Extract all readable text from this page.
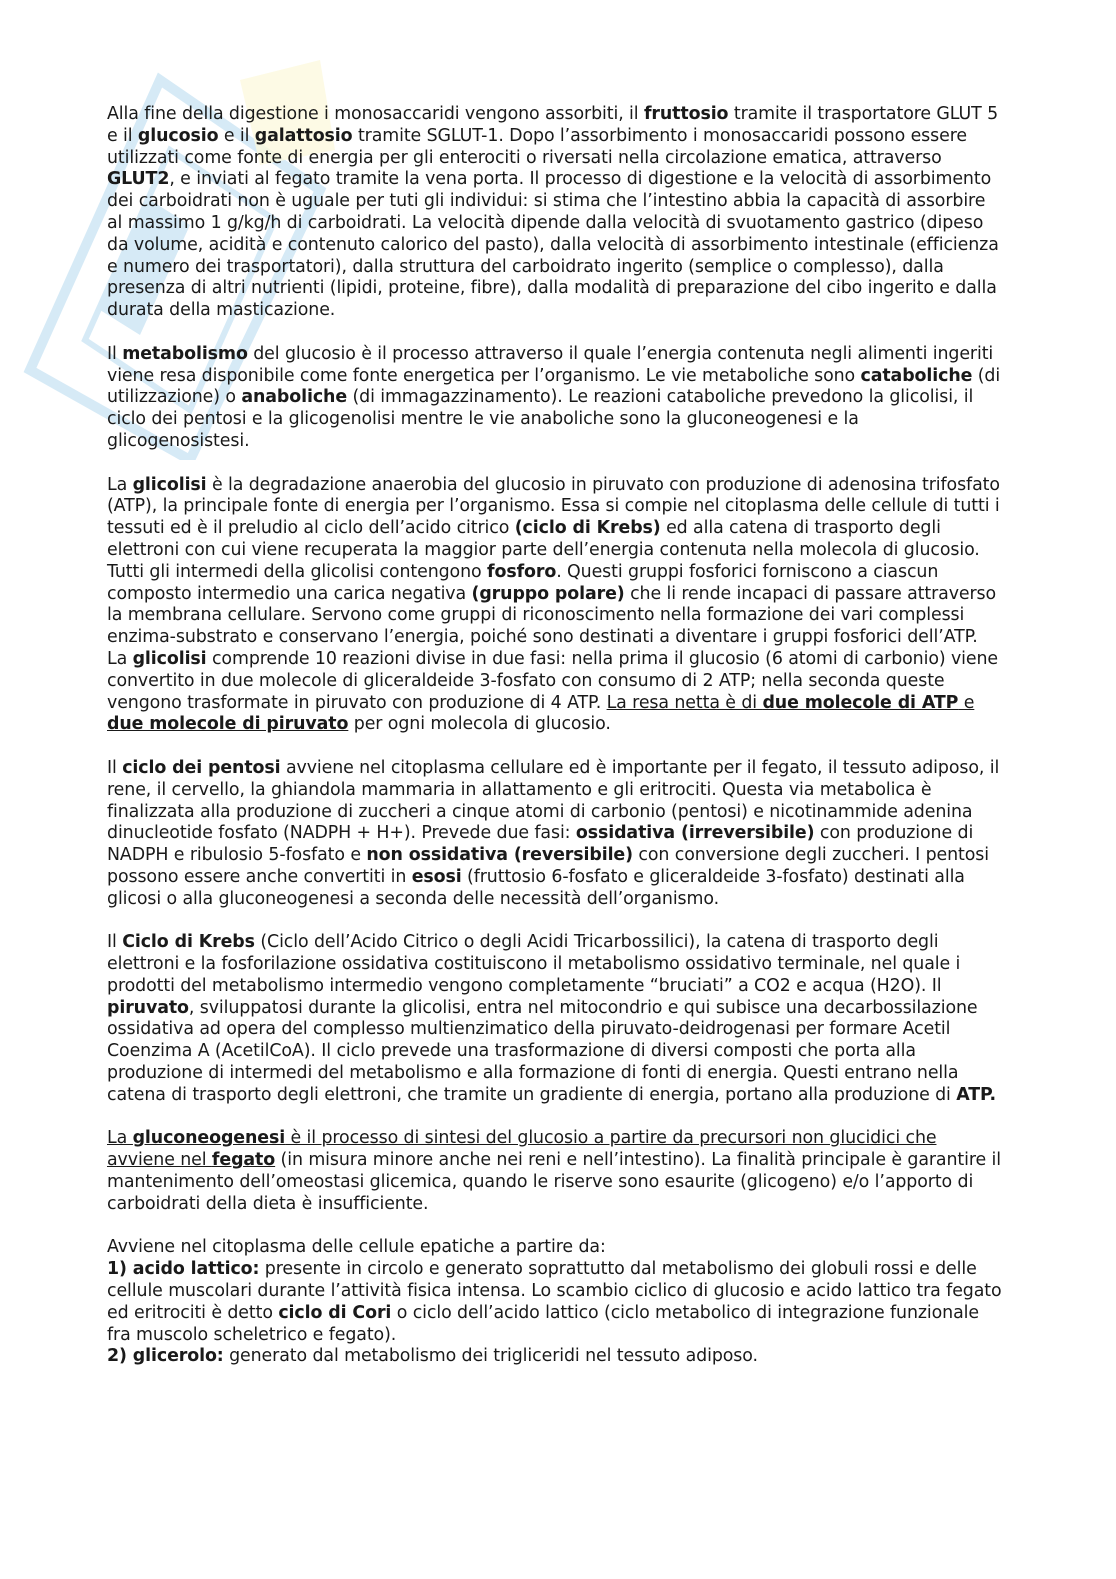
Alla fine della digestione i monosaccaridi vengono assorbiti, il fruttosio tramite il trasportatore GLUT 5 e il glucosio e il galattosio tramite SGLUT-1. Dopo l’assorbimento i monosaccaridi possono essere utilizzati come fonte di energia per gli enterociti o riversati nella circolazione ematica, attraverso GLUT2, e inviati al fegato tramite la vena porta. Il processo di digestione e la velocità di assorbimento dei carboidrati non è uguale per tuti gli individui: si stima che l’intestino abbia la capacità di assorbire al massimo 1 g/kg/h di carboidrati. La velocità dipende dalla velocità di svuotamento gastrico (dipeso da volume, acidità e contenuto calorico del pasto), dalla velocità di assorbimento intestinale (efficienza e numero dei trasportatori), dalla struttura del carboidrato ingerito (semplice o complesso), dalla presenza di altri nutrienti (lipidi, proteine, fibre), dalla modalità di preparazione del cibo ingerito e dalla durata della masticazione.

Il metabolismo del glucosio è il processo attraverso il quale l’energia contenuta negli alimenti ingeriti viene resa disponibile come fonte energetica per l’organismo. Le vie metaboliche sono cataboliche (di utilizzazione) o anaboliche (di immagazzinamento). Le reazioni cataboliche prevedono la glicolisi, il ciclo dei pentosi e la glicogenolisi mentre le vie anaboliche sono la gluconeogenesi e la glicogenosistesi.

La glicolisi è la degradazione anaerobia del glucosio in piruvato con produzione di adenosina trifosfato (ATP), la principale fonte di energia per l’organismo. Essa si compie nel citoplasma delle cellule di tutti i tessuti ed è il preludio al ciclo dell’acido citrico (ciclo di Krebs) ed alla catena di trasporto degli elettroni con cui viene recuperata la maggior parte dell’energia contenuta nella molecola di glucosio. Tutti gli intermedi della glicolisi contengono fosforo. Questi gruppi fosforici forniscono a ciascun composto intermedio una carica negativa (gruppo polare) che li rende incapaci di passare attraverso la membrana cellulare. Servono come gruppi di riconoscimento nella formazione dei vari complessi enzima-substrato e conservano l’energia, poiché sono destinati a diventare i gruppi fosforici dell’ATP. La glicolisi comprende 10 reazioni divise in due fasi: nella prima il glucosio (6 atomi di carbonio) viene convertito in due molecole di gliceraldeide 3-fosfato con consumo di 2 ATP; nella seconda queste vengono trasformate in piruvato con produzione di 4 ATP. La resa netta è di due molecole di ATP e due molecole di piruvato per ogni molecola di glucosio.

Il ciclo dei pentosi avviene nel citoplasma cellulare ed è importante per il fegato, il tessuto adiposo, il rene, il cervello, la ghiandola mammaria in allattamento e gli eritrociti. Questa via metabolica è finalizzata alla produzione di zuccheri a cinque atomi di carbonio (pentosi) e nicotinammide adenina dinucleotide fosfato (NADPH + H+). Prevede due fasi: ossidativa (irreversibile) con produzione di NADPH e ribulosio 5-fosfato e non ossidativa (reversibile) con conversione degli zuccheri. I pentosi possono essere anche convertiti in esosi (fruttosio 6-fosfato e gliceraldeide 3-fosfato) destinati alla glicosi o alla gluconeogenesi a seconda delle necessità dell’organismo.

Il Ciclo di Krebs (Ciclo dell’Acido Citrico o degli Acidi Tricarbossilici), la catena di trasporto degli elettroni e la fosforilazione ossidativa costituiscono il metabolismo ossidativo terminale, nel quale i prodotti del metabolismo intermedio vengono completamente “bruciati” a CO2 e acqua (H2O). Il piruvato, sviluppatosi durante la glicolisi, entra nel mitocondrio e qui subisce una decarbossilazione ossidativa ad opera del complesso multienzimatico della piruvato-deidrogenasi per formare Acetil Coenzima A (AcetilCoA). Il ciclo prevede una trasformazione di diversi composti che porta alla produzione di intermedi del metabolismo e alla formazione di fonti di energia. Questi entrano nella catena di trasporto degli elettroni, che tramite un gradiente di energia, portano alla produzione di ATP.

La gluconeogenesi è il processo di sintesi del glucosio a partire da precursori non glucidici che avviene nel fegato (in misura minore anche nei reni e nell’intestino). La finalità principale è garantire il mantenimento dell’omeostasi glicemica, quando le riserve sono esaurite (glicogeno) e/o l’apporto di carboidrati della dieta è insufficiente.

Avviene nel citoplasma delle cellule epatiche a partire da:

1) acido lattico: presente in circolo e generato soprattutto dal metabolismo dei globuli rossi e delle cellule muscolari durante l’attività fisica intensa. Lo scambio ciclico di glucosio e acido lattico tra fegato ed eritrociti è detto ciclo di Cori o ciclo dell’acido lattico (ciclo metabolico di integrazione funzionale fra muscolo scheletrico e fegato).

2) glicerolo: generato dal metabolismo dei trigliceridi nel tessuto adiposo.
